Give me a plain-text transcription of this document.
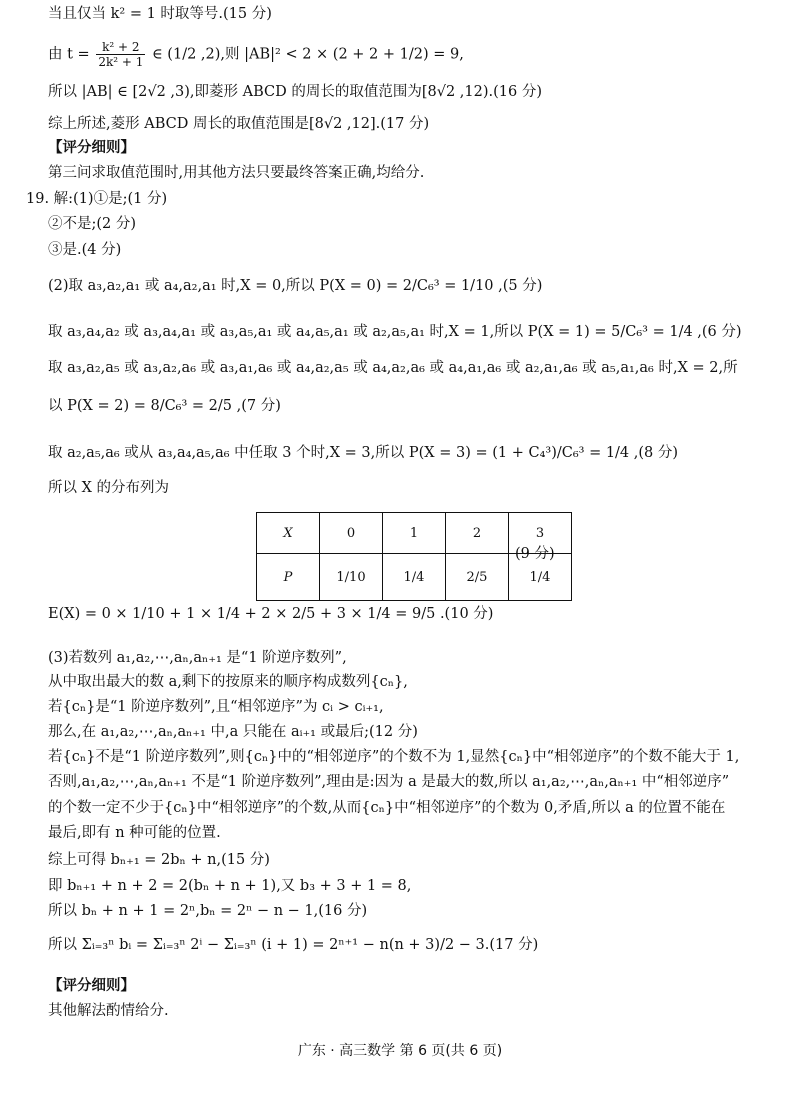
当且仅当 k² = 1 时取等号.(15 分)
由 $t = \frac{\text{k² + 2}}{\text{2k² + 1}}$ ∈ (1/2 ,2),则 |AB|² < 2 × (2 + 2 + 1/2) = 9,
所以 |AB| ∈ [2√2 ,3),即菱形 ABCD 的周长的取值范围为[8√2 ,12).(16 分)
综上所述,菱形 ABCD 周长的取值范围是[8√2 ,12].(17 分)
【评分细则】
第三问求取值范围时,用其他方法只要最终答案正确,均给分.
19. 解:(1)①是;(1 分)
②不是;(2 分)
③是.(4 分)
(2)取 a₃,a₂,a₁ 或 a₄,a₂,a₁ 时,X = 0,所以 P(X = 0) = 2/C₆³ = 1/10 ,(5 分)
取 a₃,a₄,a₂ 或 a₃,a₄,a₁ 或 a₃,a₅,a₁ 或 a₄,a₅,a₁ 或 a₂,a₅,a₁ 时,X = 1,所以 P(X = 1) = 5/C₆³ = 1/4 ,(6 分)
取 a₃,a₂,a₅ 或 a₃,a₂,a₆ 或 a₃,a₁,a₆ 或 a₄,a₂,a₅ 或 a₄,a₂,a₆ 或 a₄,a₁,a₆ 或 a₂,a₁,a₆ 或 a₅,a₁,a₆ 时,X = 2,所
以 P(X = 2) = 8/C₆³ = 2/5 ,(7 分)
取 a₂,a₅,a₆ 或从 a₃,a₄,a₅,a₆ 中任取 3 个时,X = 3,所以 P(X = 3) = (1 + C₄³)/C₆³ = 1/4 ,(8 分)
所以 X 的分布列为
X	0	1	2	3
P	1/10	1/4	2/5	1/4
(9 分)
E(X) = 0 × 1/10 + 1 × 1/4 + 2 × 2/5 + 3 × 1/4 = 9/5 .(10 分)
(3)若数列 a₁,a₂,⋯,aₙ,aₙ₊₁ 是“1 阶逆序数列”,
从中取出最大的数 a,剩下的按原来的顺序构成数列{cₙ},
若{cₙ}是“1 阶逆序数列”,且“相邻逆序”为 cᵢ > cᵢ₊₁,
那么,在 a₁,a₂,⋯,aₙ,aₙ₊₁ 中,a 只能在 aᵢ₊₁ 或最后;(12 分)
若{cₙ}不是“1 阶逆序数列”,则{cₙ}中的“相邻逆序”的个数不为 1,显然{cₙ}中“相邻逆序”的个数不能大于 1,
否则,a₁,a₂,⋯,aₙ,aₙ₊₁ 不是“1 阶逆序数列”,理由是:因为 a 是最大的数,所以 a₁,a₂,⋯,aₙ,aₙ₊₁ 中“相邻逆序”
的个数一定不少于{cₙ}中“相邻逆序”的个数,从而{cₙ}中“相邻逆序”的个数为 0,矛盾,所以 a 的位置不能在
最后,即有 n 种可能的位置.
综上可得 bₙ₊₁ = 2bₙ + n,(15 分)
即 bₙ₊₁ + n + 2 = 2(bₙ + n + 1),又 b₃ + 3 + 1 = 8,
所以 bₙ + n + 1 = 2ⁿ,bₙ = 2ⁿ − n − 1,(16 分)
所以 Σᵢ₌₃ⁿ bᵢ = Σᵢ₌₃ⁿ 2ⁱ − Σᵢ₌₃ⁿ (i + 1) = 2ⁿ⁺¹ − n(n + 3)/2 − 3.(17 分)
【评分细则】
其他解法酌情给分.
广东 · 高三数学 第 6 页(共 6 页)
